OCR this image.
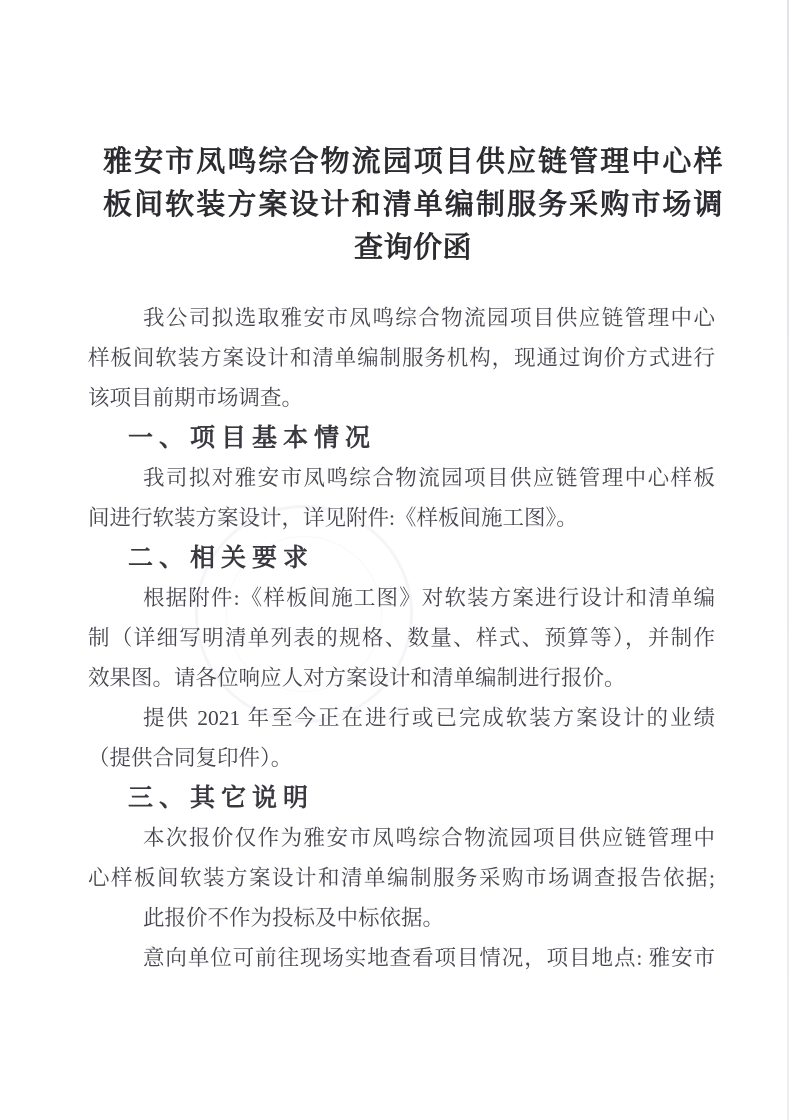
雅安市凤鸣综合物流园项目供应链管理中心样
板间软装方案设计和清单编制服务采购市场调
查询价函

我公司拟选取雅安市凤鸣综合物流园项目供应链管理中心
样板间软装方案设计和清单编制服务机构，现通过询价方式进行
该项目前期市场调查。

一、项目基本情况

我司拟对雅安市凤鸣综合物流园项目供应链管理中心样板
间进行软装方案设计，详见附件:《样板间施工图》。

二、相关要求

根据附件:《样板间施工图》对软装方案进行设计和清单编
制（详细写明清单列表的规格、数量、样式、预算等），并制作
效果图。请各位响应人对方案设计和清单编制进行报价。

提供 2021 年至今正在进行或已完成软装方案设计的业绩
（提供合同复印件）。

三、其它说明

本次报价仅作为雅安市凤鸣综合物流园项目供应链管理中
心样板间软装方案设计和清单编制服务采购市场调查报告依据;

此报价不作为投标及中标依据。

意向单位可前往现场实地查看项目情况，项目地点: 雅安市
